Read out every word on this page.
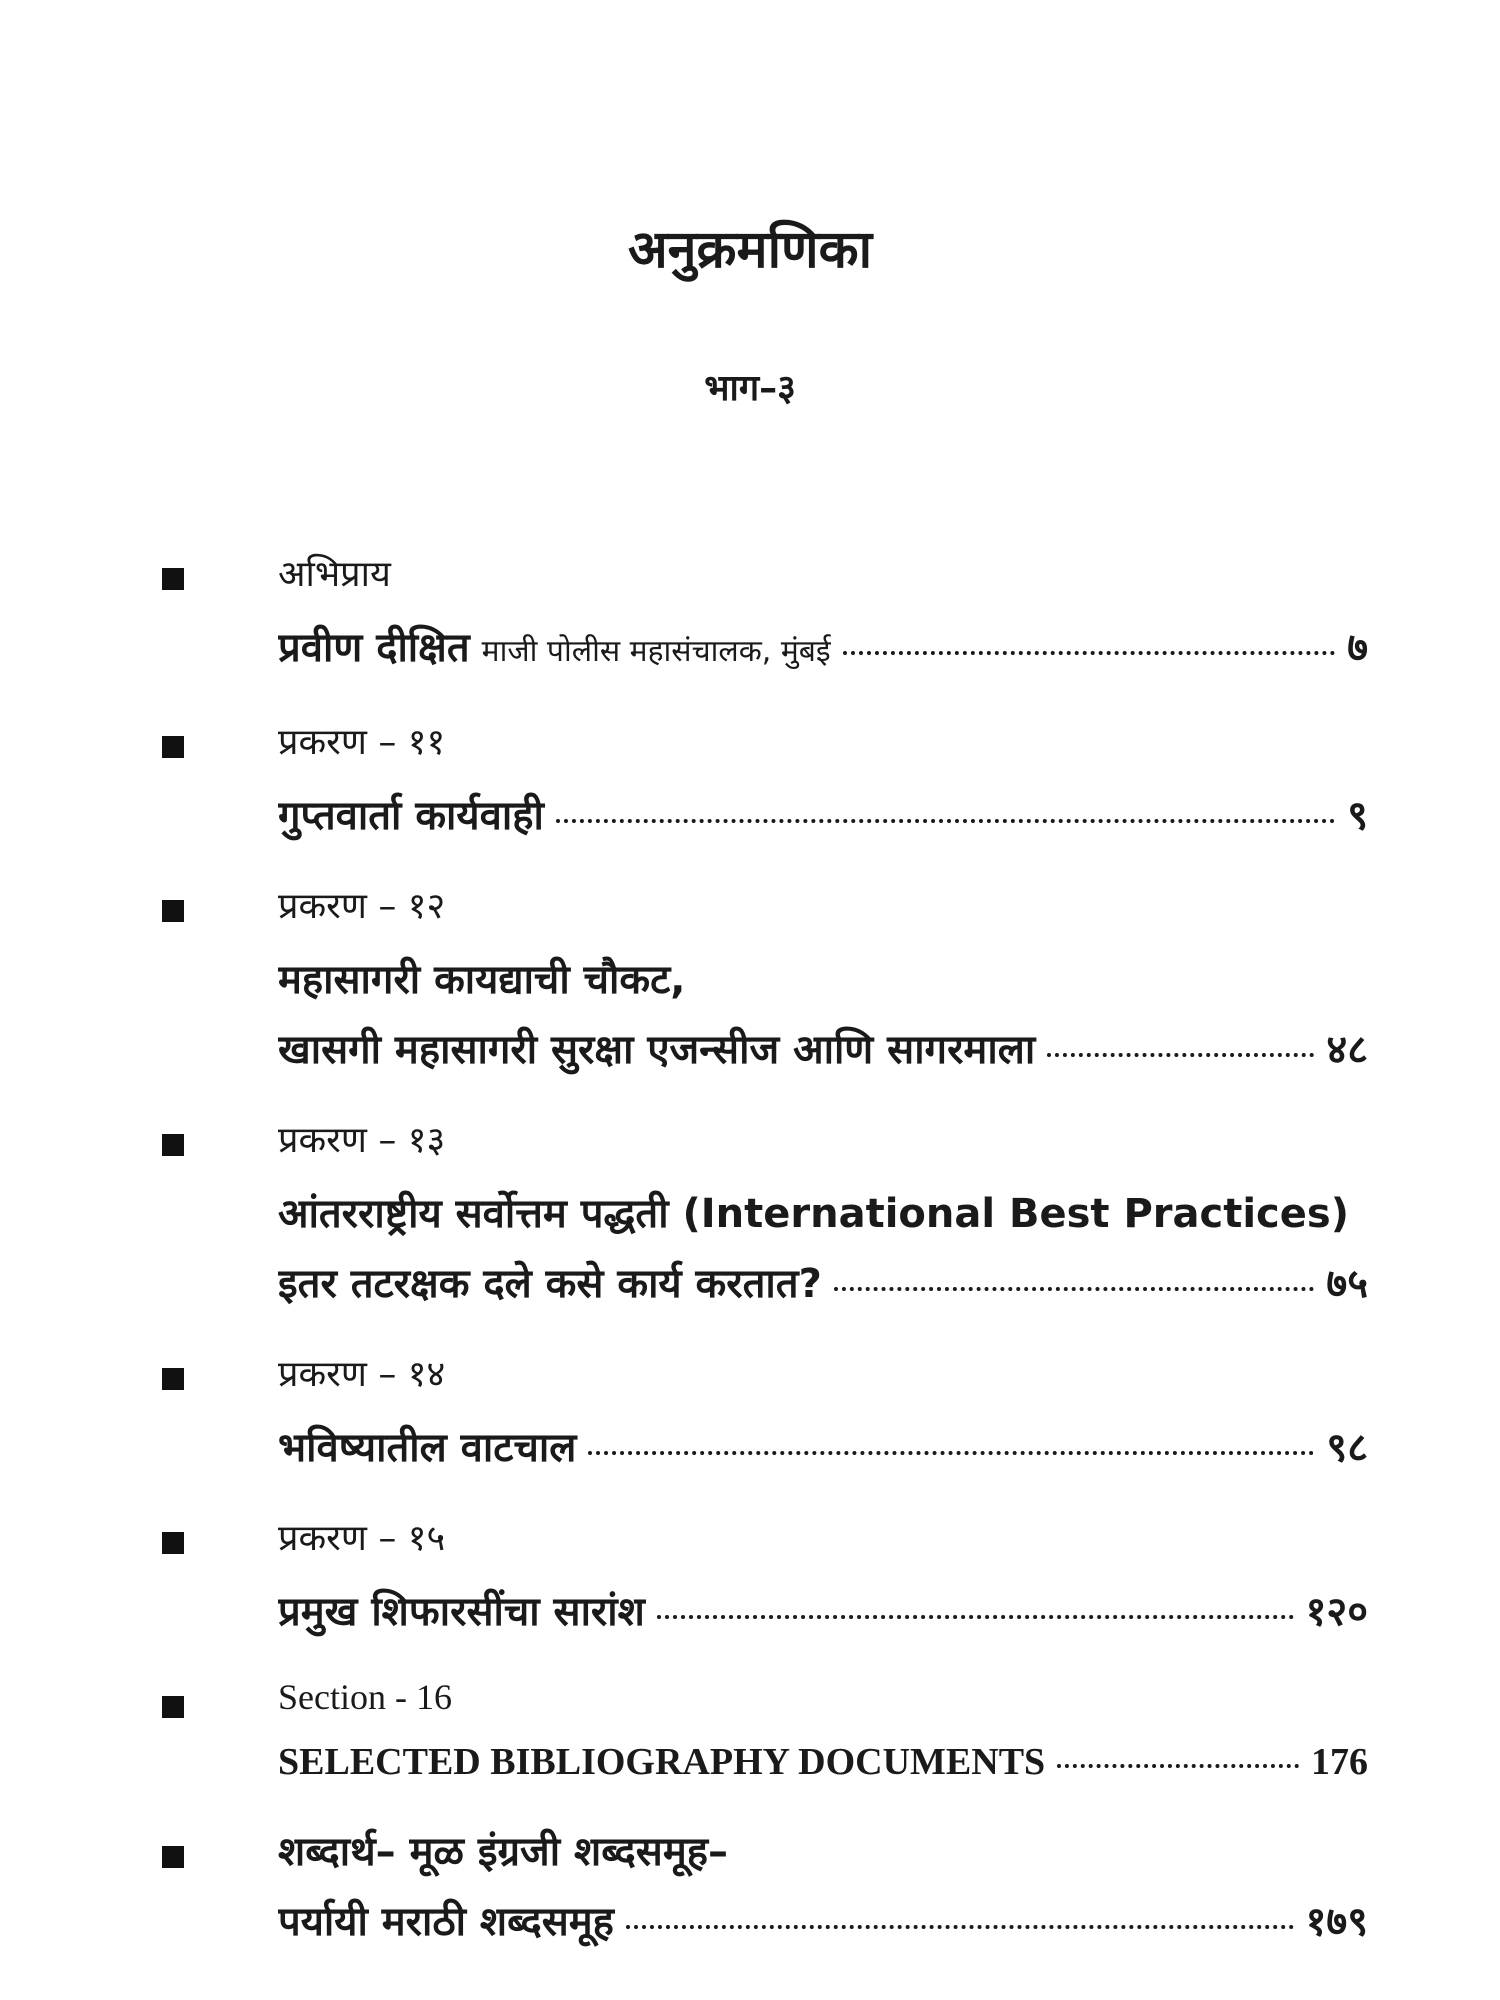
अनुक्रमणिका
भाग–३
अभिप्राय
प्रवीण दीक्षित माजी पोलीस महासंचालक, मुंबई	७
प्रकरण – ११
गुप्तवार्ता कार्यवाही	९
प्रकरण – १२
महासागरी कायद्याची चौकट,
खासगी महासागरी सुरक्षा एजन्सीज आणि सागरमाला	४८
प्रकरण – १३
आंतरराष्ट्रीय सर्वोत्तम पद्धती (International Best Practices)
इतर तटरक्षक दले कसे कार्य करतात?	७५
प्रकरण – १४
भविष्यातील वाटचाल	९८
प्रकरण – १५
प्रमुख शिफारसींचा सारांश	१२०
Section - 16
SELECTED BIBLIOGRAPHY DOCUMENTS	176
शब्दार्थ– मूळ इंग्रजी शब्दसमूह–
पर्यायी मराठी शब्दसमूह	१७९
